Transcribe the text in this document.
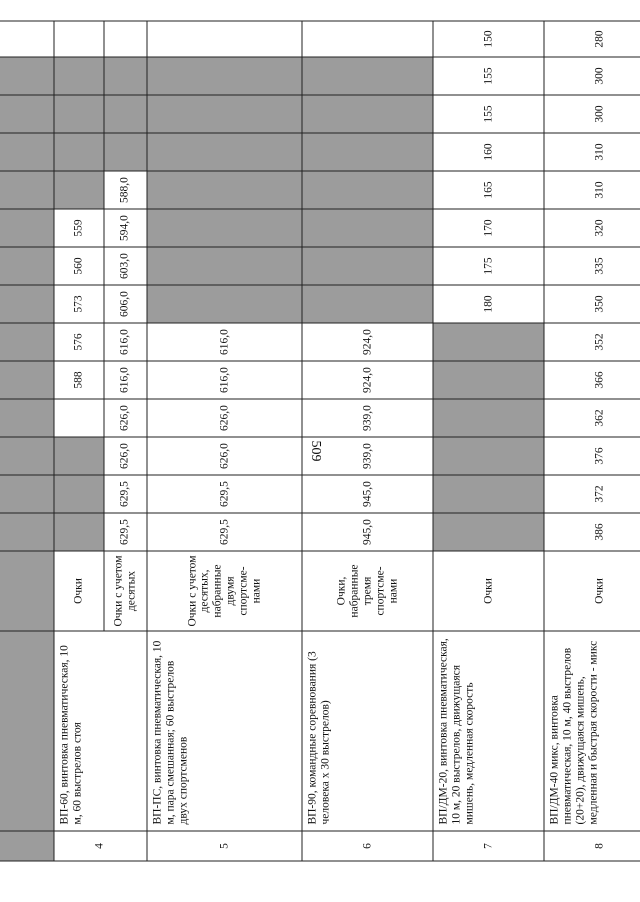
509

4	ВП-60, винтовка пневматическая, 10 м, 60 выстрелов стоя	Очки					588	576	573	560	559					
		Очки с учетом десятых	629,5	629,5	626,0	626,0	616,0	616,0	606,0	603,0	594,0	588,0				
5	ВП-ПС, винтовка пневматическая, 10 м, пара смешанная; 60 выстрелов двух спортсменов	Очки с учетом десятых, набранные двумя спортсме-нами	629,5	629,5	626,0	626,0	616,0	616,0								
6	ВП-90, командные соревнования (3 человека х 30 выстрелов)	Очки, набранные тремя спортсме-нами	945,0	945,0	939,0	939,0	924,0	924,0								
7	ВП/ДМ-20, винтовка пневматическая, 10 м, 20 выстрелов, движущаяся мишень, медленная скорость	Очки							180	175	170	165	160	155	155	150
8	ВП/ДМ-40 микс, винтовка пневматическая, 10 м, 40 выстрелов (20+20), движущаяся мишень, медленная и быстрая скорости - микс	Очки	386	372	376	362	366	352	350	335	320	310	310	300	300	280
